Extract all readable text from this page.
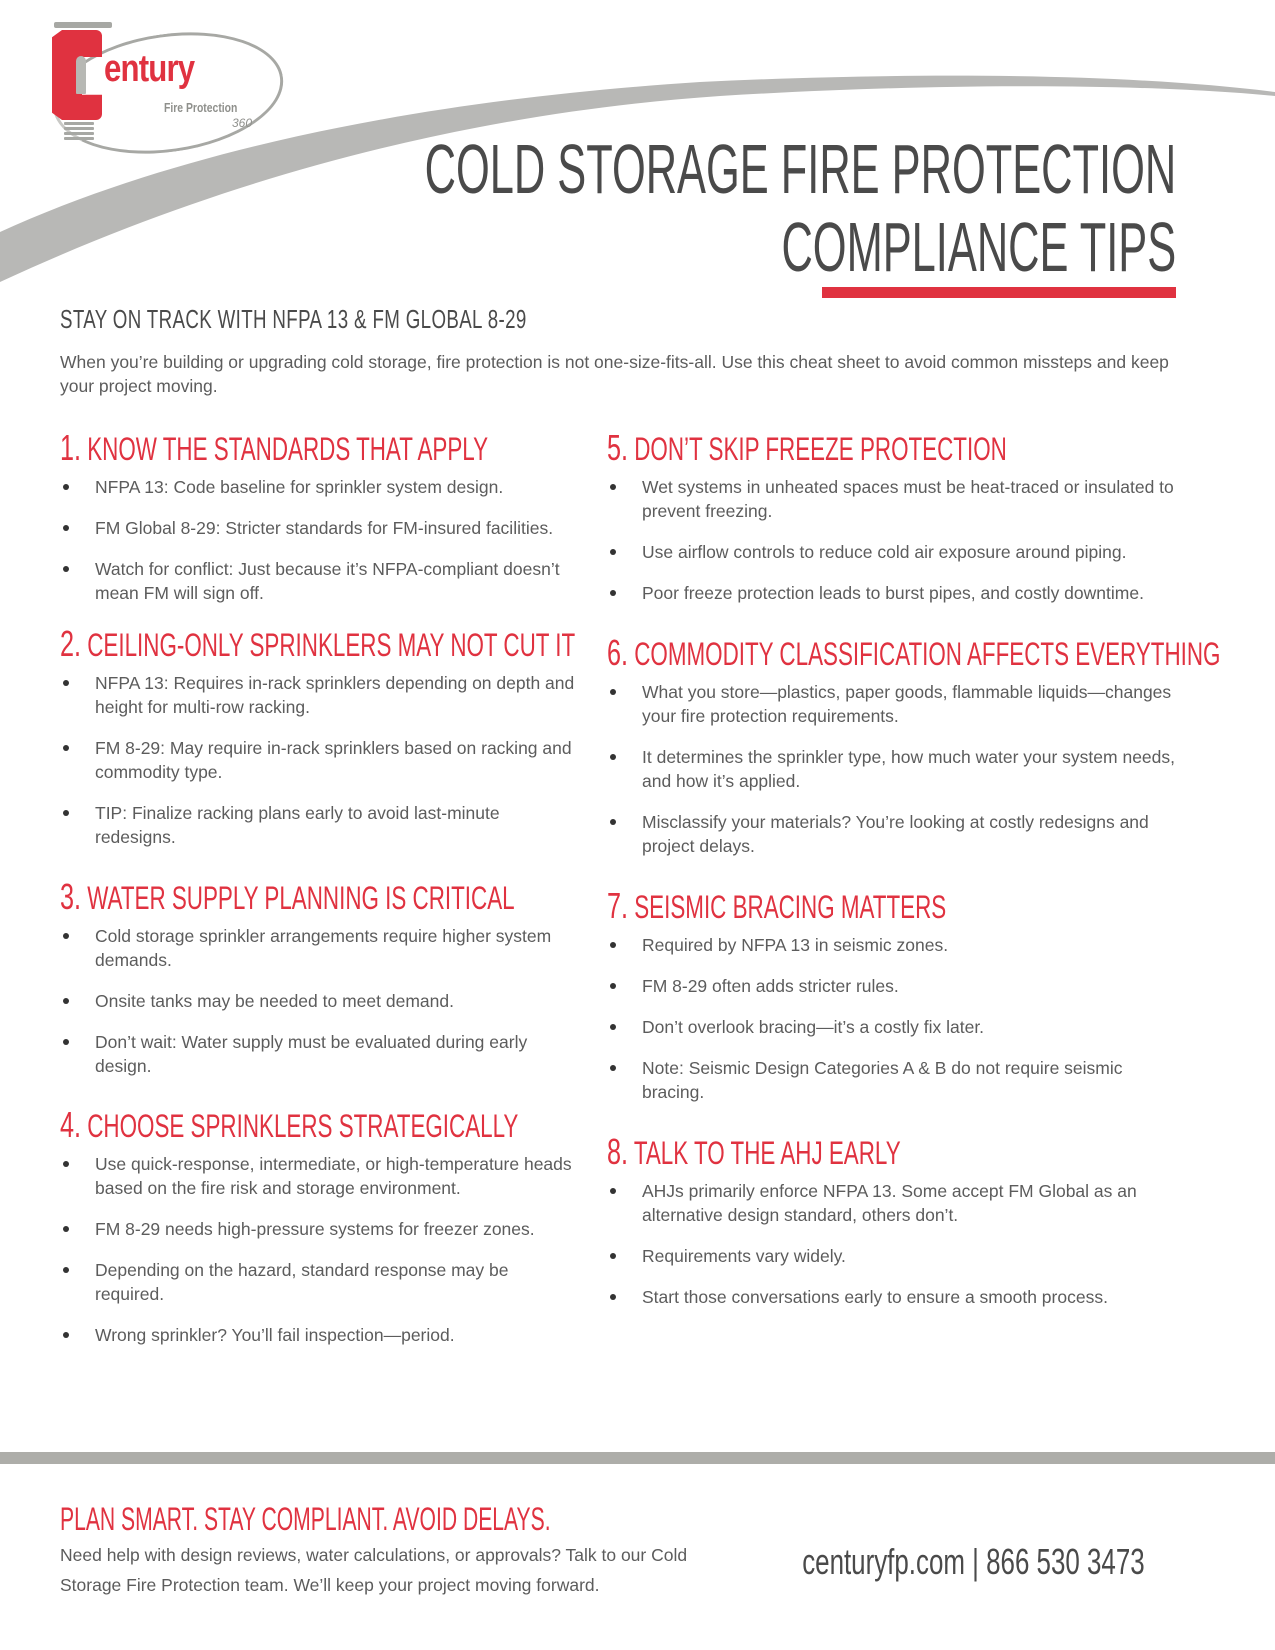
entury
Fire Protection
360
COLD STORAGE FIRE PROTECTION
COMPLIANCE TIPS
STAY ON TRACK WITH NFPA 13 & FM GLOBAL 8-29

When you’re building or upgrading cold storage, fire protection is not one-size-fits-all. Use this cheat sheet to avoid common missteps and keep your project moving.

1. KNOW THE STANDARDS THAT APPLY
NFPA 13: Code baseline for sprinkler system design.
FM Global 8-29: Stricter standards for FM-insured facilities.
Watch for conflict: Just because it’s NFPA-compliant doesn’t mean FM will sign off.
2. CEILING-ONLY SPRINKLERS MAY NOT CUT IT
NFPA 13: Requires in-rack sprinklers depending on depth and height for multi-row racking.
FM 8-29: May require in-rack sprinklers based on racking and commodity type.
TIP: Finalize racking plans early to avoid last-minute redesigns.
3. WATER SUPPLY PLANNING IS CRITICAL
Cold storage sprinkler arrangements require higher system demands.
Onsite tanks may be needed to meet demand.
Don’t wait: Water supply must be evaluated during early design.
4. CHOOSE SPRINKLERS STRATEGICALLY
Use quick-response, intermediate, or high-temperature heads based on the fire risk and storage environment.
FM 8-29 needs high-pressure systems for freezer zones.
Depending on the hazard, standard response may be required.
Wrong sprinkler? You’ll fail inspection—period.
5. DON’T SKIP FREEZE PROTECTION
Wet systems in unheated spaces must be heat-traced or insulated to prevent freezing.
Use airflow controls to reduce cold air exposure around piping.
Poor freeze protection leads to burst pipes, and costly downtime.
6. COMMODITY CLASSIFICATION AFFECTS EVERYTHING
What you store—plastics, paper goods, flammable liquids—changes your fire protection requirements.
It determines the sprinkler type, how much water your system needs, and how it’s applied.
Misclassify your materials? You’re looking at costly redesigns and project delays.
7. SEISMIC BRACING MATTERS
Required by NFPA 13 in seismic zones.
FM 8-29 often adds stricter rules.
Don’t overlook bracing—it’s a costly fix later.
Note: Seismic Design Categories A & B do not require seismic bracing.
8. TALK TO THE AHJ EARLY
AHJs primarily enforce NFPA 13. Some accept FM Global as an alternative design standard, others don’t.
Requirements vary widely.
Start those conversations early to ensure a smooth process.
PLAN SMART. STAY COMPLIANT. AVOID DELAYS.

Need help with design reviews, water calculations, or approvals? Talk to our Cold Storage Fire Protection team. We’ll keep your project moving forward.

centuryfp.com | 866 530 3473
